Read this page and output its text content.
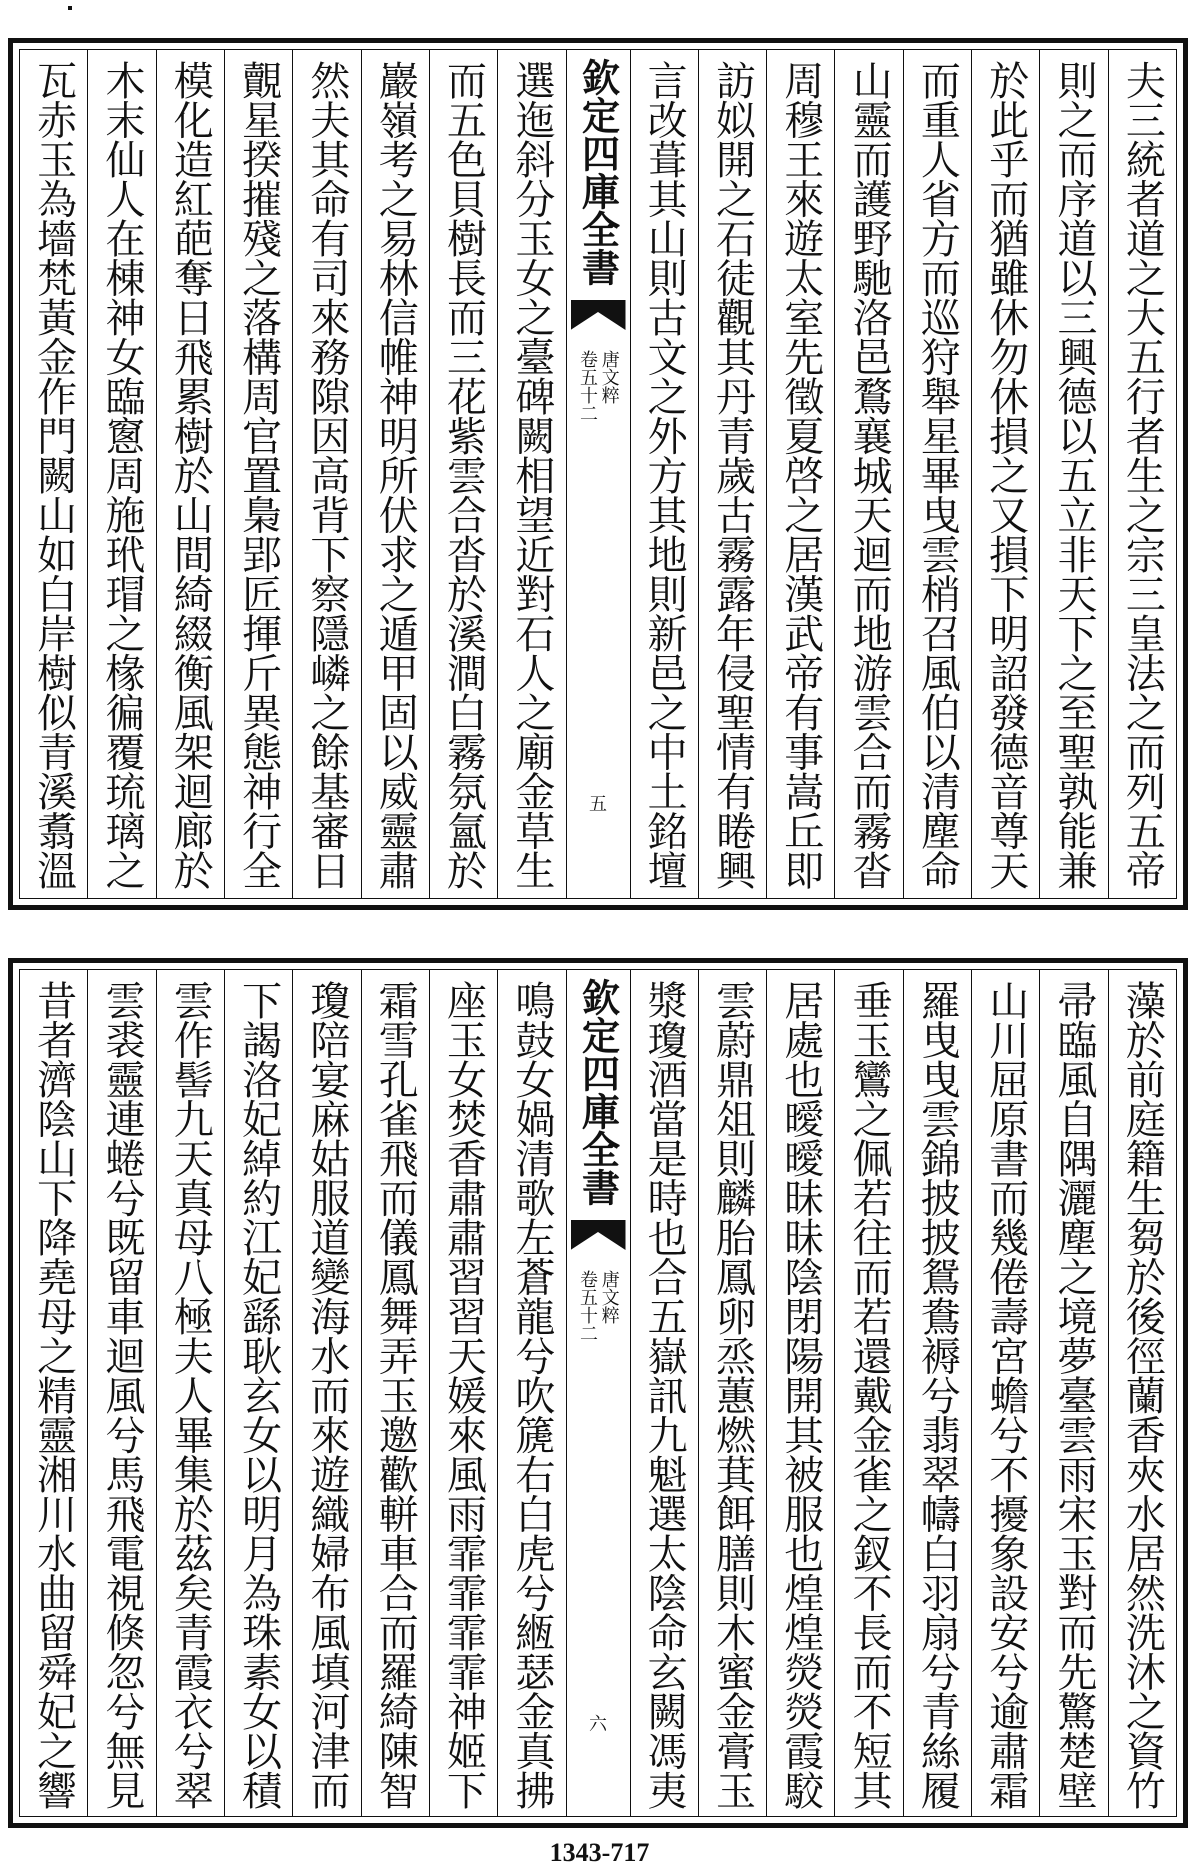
夫三統者道之大五行者生之宗三皇法之而列五帝
則之而序道以三興德以五立非天下之至聖孰能兼
於此乎而猶雖休勿休損之又損下明詔發德音尊天
而重人省方而巡狩舉星畢曳雲梢召風伯以清塵命
山靈而護野馳洛邑鶩襄城天迴而地游雲合而霧沓
周穆王來遊太室先徵夏啓之居漢武帝有事嵩丘即
訪姒開之石徒觀其丹青歲古霧露年侵聖情有睠興
言改葺其山則古文之外方其地則新邑之中土銘壇
欽定四庫全書
卷五十二 唐文粹
五
選迤斜分玉女之臺碑闕相望近對石人之廟金草生
而五色貝樹長而三花紫雲合沓於溪澗白霧氛氳於
巖嶺考之易林信帷神明所伏求之遁甲固以威靈肅
然夫其命有司來務隙因高背下察隱嶙之餘基審日
覿星揆摧殘之落構周官置梟郢匠揮斤異態神行全
模化造紅葩奪日飛累樹於山間綺綴衡風架迴廊於
木末仙人在棟神女臨窻周施玳瑁之椽徧覆琉璃之
瓦赤玉為墻梵黃金作門闕山如白岸樹似青溪翥溫
藻於前庭籍生芻於後徑蘭香夾水居然洗沐之資竹
帚臨風自隅灑塵之境夢臺雲雨宋玉對而先驚楚壁
山川屈原書而幾倦壽宮蟾兮不擾象設安兮逾肅霜
羅曳曳雲錦披披鴛鴦褥兮翡翠幬白羽扇兮青絲履
垂玉鸞之佩若往而若還戴金雀之釵不長而不短其
居處也曖曖昧昧陰閉陽開其被服也煌煌熒熒霞駮
雲蔚鼎俎則麟胎鳳卵烝蕙燃萁餌膳則木蜜金膏玉
漿瓊酒當是時也合五嶽訊九魁選太陰命玄闕馮夷
欽定四庫全書
卷五十二 唐文粹
六
鳴鼓女媧清歌左蒼龍兮吹篪右白虎兮緪瑟金真拂
座玉女焚香肅肅習習天媛來風雨霏霏霏霏神姬下
霜雪孔雀飛而儀鳳舞弄玉邀歡軿車合而羅綺陳智
瓊陪宴麻姑服道變海水而來遊織婦布風填河津而
下謁洛妃綽約江妃繇耿玄女以明月為珠素女以積
雲作髻九天真母八極夫人畢集於茲矣青霞衣兮翠
雲裘靈連蜷兮既留車迴風兮馬飛電視倏忽兮無見
昔者濟陰山下降堯母之精靈湘川水曲留舜妃之響
1343-717
